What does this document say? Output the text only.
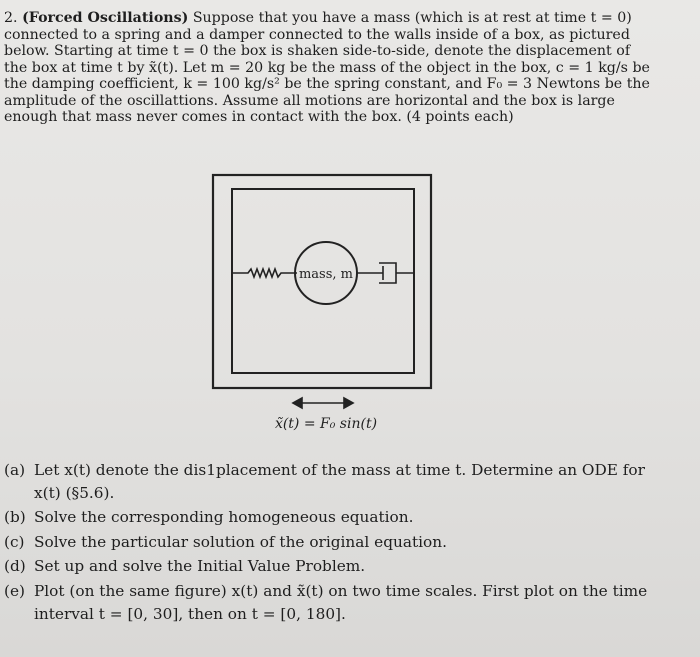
2. (Forced Oscillations) Suppose that you have a mass (which is at rest at time t = 0) connected to a spring and a damper connected to the walls inside of a box, as pictured below. Starting at time t = 0 the box is shaken side-to-side, denote the displacement of the box at time t by x̃(t). Let m = 20 kg be the mass of the object in the box, c = 1 kg/s be the damping coefficient, k = 100 kg/s² be the spring constant, and F₀ = 3 Newtons be the amplitude of the oscillattions. Assume all motions are horizontal and the box is large enough that mass never comes in contact with the box. (4 points each)
mass, m
x̃(t) = F₀ sin(t)
(a) Let x(t) denote the dis1placement of the mass at time t. Determine an ODE for x(t) (§5.6).
(b) Solve the corresponding homogeneous equation.
(c) Solve the particular solution of the original equation.
(d) Set up and solve the Initial Value Problem.
(e) Plot (on the same figure) x(t) and x̃(t) on two time scales. First plot on the time interval t = [0, 30], then on t = [0, 180].
